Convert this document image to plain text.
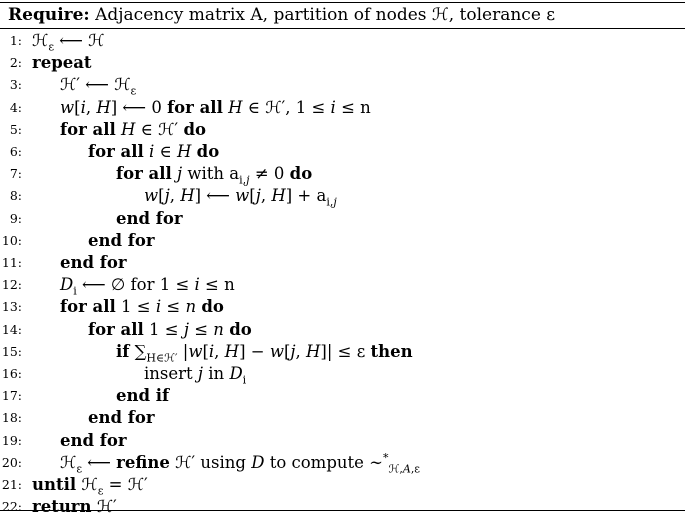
Require: Adjacency matrix A, partition of nodes ℋ, tolerance ε
1: ℋ$_\varepsilon$ ⟵ ℋ
2: repeat
3: ℋ′ ⟵ ℋ$_\varepsilon$
4: w[i, H] ⟵ 0 for all H ∈ ℋ′, 1 ≤ i ≤ n
5: for all H ∈ ℋ′ do
6:	for all i ∈ H do
7:	for all j with $a_{i,j} \ne 0$ do
8:	w[j, H] ⟵ w[j, $H] + a_{i,j}$
9:	end for
10:	end for
11: end for
12: $D_i$ ⟵ ∅ for 1 ≤ i ≤ n
13: for all 1 ≤ i ≤ n do
14:	for all 1 ≤ j ≤ n do
15:	if $\sum_{H\in ℋ'}$ |w[i, H] − w[j, H]| ≤ ε then
16:	insert j in $D_i$
17:	end if
18:	end for
19: end for
20: ℋ$_\varepsilon$ ⟵ refine ℋ′ using D to compute $\sim^*_{ℋ,A,\varepsilon}$
21: until ℋ$_\varepsilon$ = ℋ′
22: return ℋ′
